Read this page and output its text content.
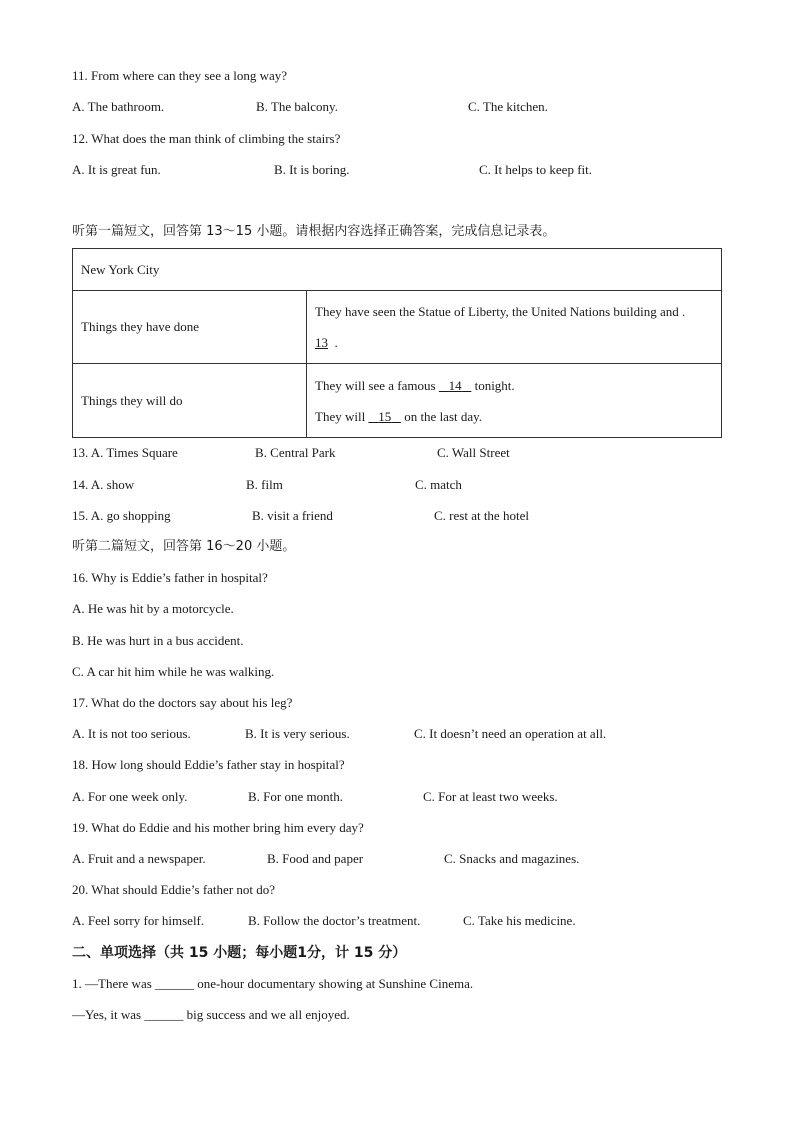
11. From where can they see a long way?
A. The bathroom.	B. The balcony.	C. The kitchen.
12. What does the man think of climbing the stairs?
A. It is great fun.	B. It is boring.	C. It helps to keep fit.
听第一篇短文，回答第 13～15 小题。请根据内容选择正确答案，完成信息记录表。
New York City	
Things they have done	They have seen the Statue of Liberty, the United Nations building and .
13 .

Things they will do	They will see a famous    14    tonight.
They will    15    on the last day.
13. A. Times Square	B. Central Park	C. Wall Street
14. A. show	B. film	C. match
15. A. go shopping	B. visit a friend	C. rest at the hotel
听第二篇短文，回答第 16～20 小题。
16. Why is Eddie’s father in hospital?
A. He was hit by a motorcycle.
B. He was hurt in a bus accident.
C. A car hit him while he was walking.
17. What do the doctors say about his leg?
A. It is not too serious.	B. It is very serious.	C. It doesn’t need an operation at all.
18. How long should Eddie’s father stay in hospital?
A. For one week only.	B. For one month.	C. For at least two weeks.
19. What do Eddie and his mother bring him every day?
A. Fruit and a newspaper.	B. Food and paper	C. Snacks and magazines.
20. What should Eddie’s father not do?
A. Feel sorry for himself.	B. Follow the doctor’s treatment.	C. Take his medicine.
二、单项选择（共 15 小题；每小题1分，计 15 分）
1. —There was ______ one-hour documentary showing at Sunshine Cinema.
—Yes, it was ______ big success and we all enjoyed.
